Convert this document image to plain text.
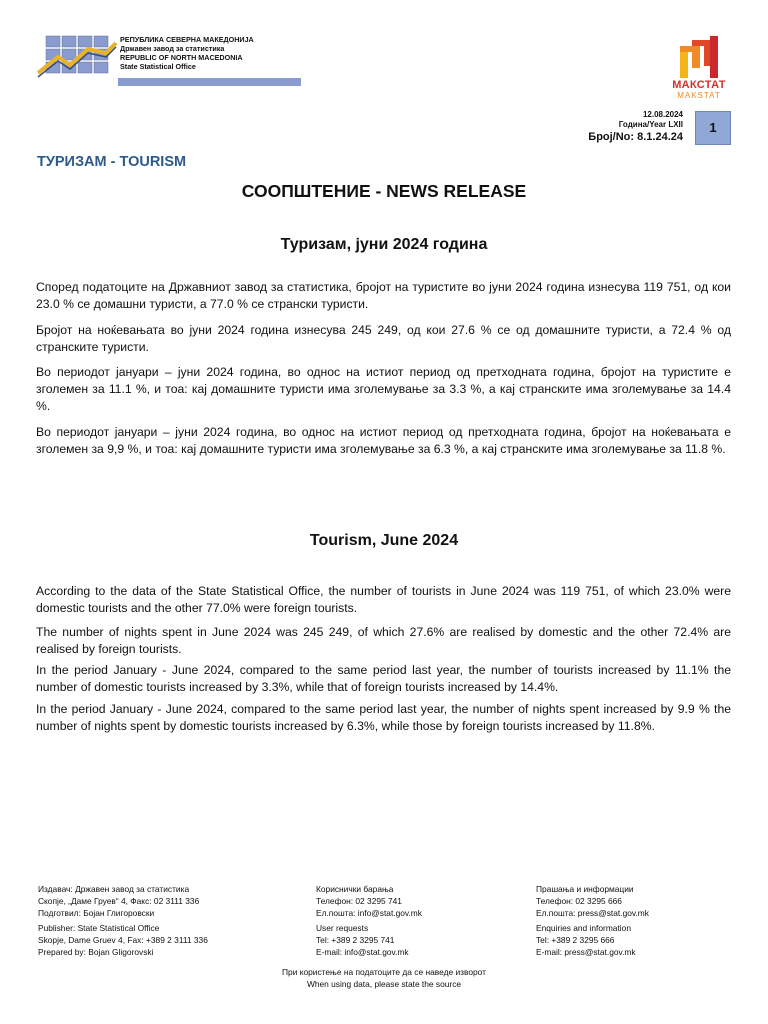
РЕПУБЛИКА СЕВЕРНА МАКЕДОНИЈА
Државен завод за статистика
REPUBLIC OF NORTH MACEDONIA
State Statistical Office
МАКСТАТ
MAKSTAT
12.08.2024
Година/Year LXII
Број/No: 8.1.24.24
1
ТУРИЗАМ - TOURISM
СООПШТЕНИЕ - NEWS RELEASE
Туризам, јуни 2024 година

Според податоците на Државниот завод за статистика, бројот на туристите во јуни 2024 година изнесува 119 751, од кои 23.0 % се домашни туристи, а 77.0 % се странски туристи.

Бројот на ноќевањата во јуни 2024 година изнесува 245 249, од кои 27.6 % се од домашните туристи, а 72.4 % од странските туристи.

Во периодот јануари – јуни 2024 година, во однос на истиот период од претходната година, бројот на туристите е зголемен за 11.1 %, и тоа: кај домашните туристи има зголемување за 3.3 %, а кај странските има зголемување за 14.4 %.

Во периодот јануари – јуни 2024 година, во однос на истиот период од претходната година, бројот на ноќевањата е зголемен за 9,9 %, и тоа: кај домашните туристи има зголемување за 6.3 %, а кај странските има зголемување за 11.8 %.

Tourism, June 2024

According to the data of the State Statistical Office, the number of tourists in June 2024 was 119 751, of which 23.0% were domestic tourists and the other 77.0% were foreign tourists.

The number of nights spent in June 2024 was 245 249, of which 27.6% are realised by domestic and the other 72.4% are realised by foreign tourists.

In the period January - June 2024, compared to the same period last year, the number of tourists increased by 11.1% the number of domestic tourists increased by 3.3%, while that of foreign tourists increased by 14.4%.

In the period January - June 2024, compared to the same period last year, the number of nights spent increased by 9.9 % the number of nights spent by domestic tourists increased by 6.3%, while those by foreign tourists increased by 11.8%.

Издавач: Државен завод за статистика
Скопје, „Даме Груев“ 4, Факс: 02 3111 336
Подготвил: Бојан Глигоровски
Publisher: State Statistical Office
Skopje, Dame Gruev 4, Fax: +389 2 3111 336
Prepared by: Bojan Gligorovski
Кориснички барања
Телефон: 02 3295 741
Ел.пошта: info@stat.gov.mk
User requests
Tel: +389 2 3295 741
E-mail: info@stat.gov.mk
Прашања и информации
Телефон: 02 3295 666
Ел.пошта: press@stat.gov.mk
Enquiries and information
Tel: +389 2 3295 666
E-mail: press@stat.gov.mk
При користење на податоците да се наведе изворот
When using data, please state the source
